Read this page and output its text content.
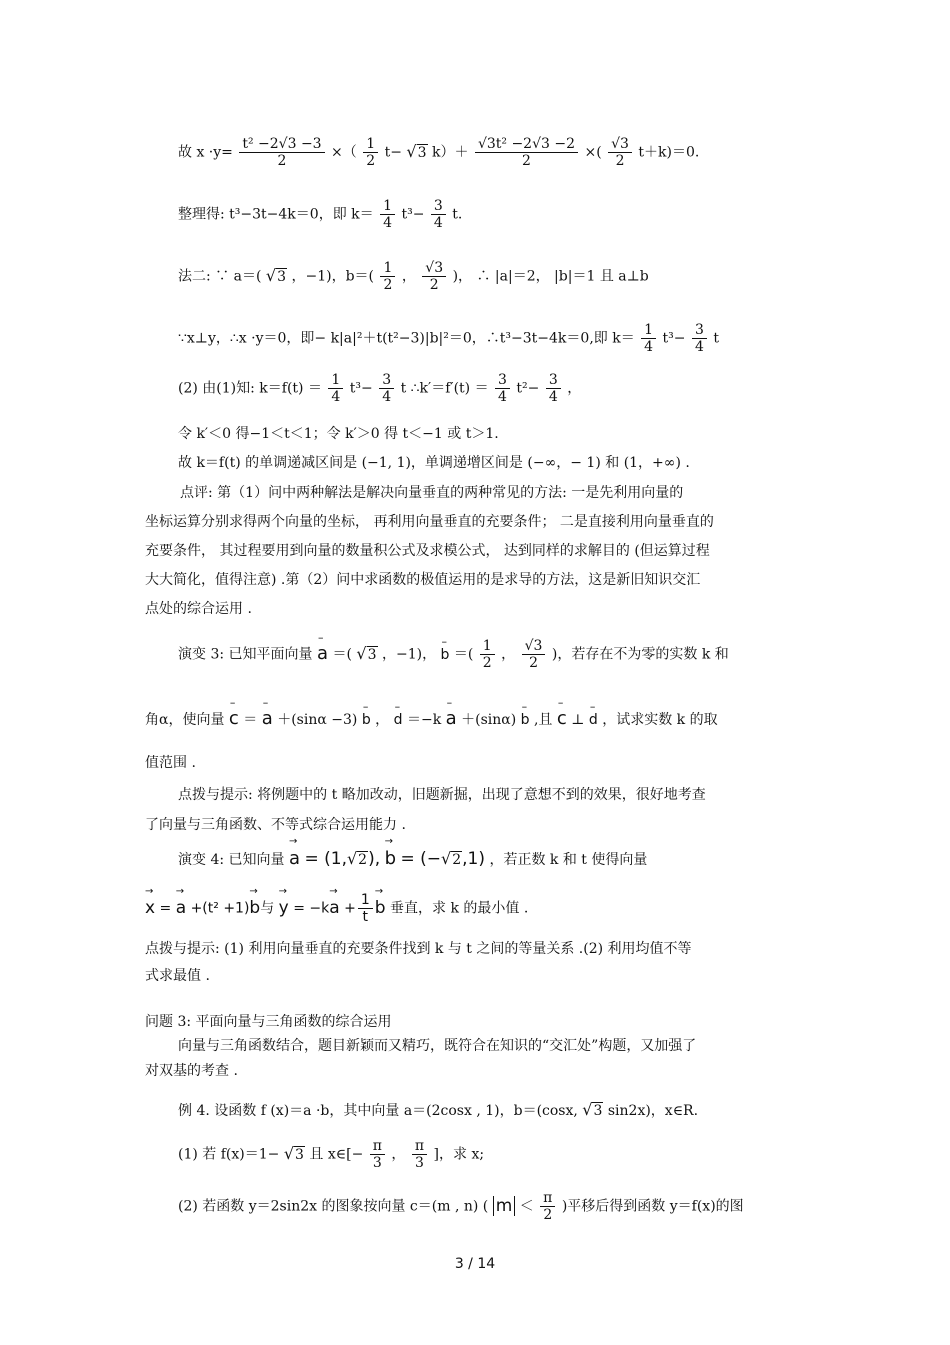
故 $x \cdot y= \frac{\text{t² −2√3 −3}}{2}$ ×（ $\frac{1}{2} t- √3$ $k)+ \frac{\text{√3t² −2√3 −2}}{2}$ ×( $\frac{√3}{2} t+k)=0$.
整理得: t³−3t−4k＝0，即 $k= \frac{1}{4} t^3- \frac{3}{4} t$.
法二: ∵ a＝( √3 ，−1)，$b=( \frac{1}{2}$ ， $\frac{√3}{2}$ )， ∴ |a|＝2， |b|＝1 且 a⊥b
∵x⊥y，∴x ·y＝0，即− k|a|²＋t(t²−3)|b|²＝0，∴t³−3t−4k＝0,即 $k= \frac{1}{4} t^3- \frac{3}{4}$ t
(2) 由(1)知: $k=f(t) = \frac{1}{4} t^3- \frac{3}{4}$ t ∴k′＝f′(t) ＝ $\frac{3}{4} t^2- \frac{3}{4}$ ，
令 k′＜0 得−1＜t＜1；令 k′＞0 得 t＜−1 或 t＞1.
故 k＝f(t) 的单调递减区间是 (−1, 1)，单调递增区间是 (−∞，− 1) 和 (1，+∞) .
点评: 第（1）问中两种解法是解决向量垂直的两种常见的方法: 一是先利用向量的
坐标运算分别求得两个向量的坐标， 再利用向量垂直的充要条件； 二是直接利用向量垂直的
充要条件， 其过程要用到向量的数量积公式及求模公式， 达到同样的求解目的 (但运算过程
大大简化，值得注意) .第（2）问中求函数的极值运用的是求导的方法，这是新旧知识交汇
点处的综合运用 .
演变 3: 已知平面向量 – a ＝( √3 ，−1)， – b ＝( $\frac{1}{2}$ ， $\frac{√3}{2}$ )，若存在不为零的实数 k 和
角α，使向量 – c ＝ – a ＋(sinα −3) – b ， – d ＝−k – a ＋(sinα) – b ,且 – c ⊥ – d ，试求实数 k 的取
值范围 .
点拨与提示: 将例题中的 t 略加改动，旧题新掘，出现了意想不到的效果，很好地考查
了向量与三角函数、不等式综合运用能力 .
演变 4: 已知向量 → a = (1,√2), → b = (−√2,1) ，若正数 k 和 t 使得向量
→ x = → a +(t² +1)→ b与 → $y = -k\to a + \frac{1}{t}$
→ b 垂直，求 k 的最小值 .
点拨与提示: (1) 利用向量垂直的充要条件找到 k 与 t 之间的等量关系 .(2) 利用均值不等
式求最值 .
问题 3: 平面向量与三角函数的综合运用
向量与三角函数结合，题目新颖而又精巧，既符合在知识的“交汇处”构题，又加强了
对双基的考查 .
例 4. 设函数 f (x)＝a ·b，其中向量 a＝(2cosx , 1)，b＝(cosx, √3 sin2x)，x∈R.
(1) 若 f(x)＝1− √3 且 x∈[− $\frac{\pi}{3}$ ， $\frac{\pi}{3}$ ]，求 x;
(2) 若函数 y＝2sin2x 的图象按向量 c＝(m , n) ( $m < \frac{\pi}{2}$ )平移后得到函数 y＝f(x)的图
3 / 14
